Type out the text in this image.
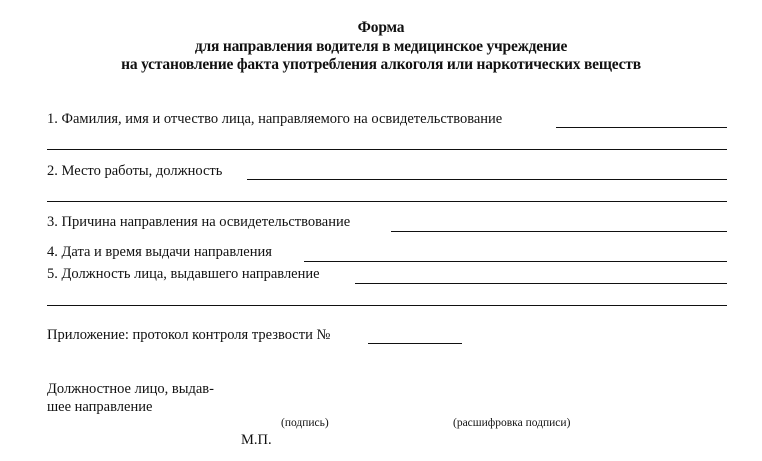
Форма
для направления водителя в медицинское учреждение
на установление факта употребления алкоголя или наркотических веществ
1. Фамилия, имя и отчество лица, направляемого на освидетельствование
2. Место работы, должность
3. Причина направления на освидетельствование
4. Дата и время выдачи направления
5. Должность лица, выдавшего направление
Приложение: протокол контроля трезвости №
Должностное лицо, выдав-
шее направление
(подпись)	(расшифровка подписи)
М.П.
